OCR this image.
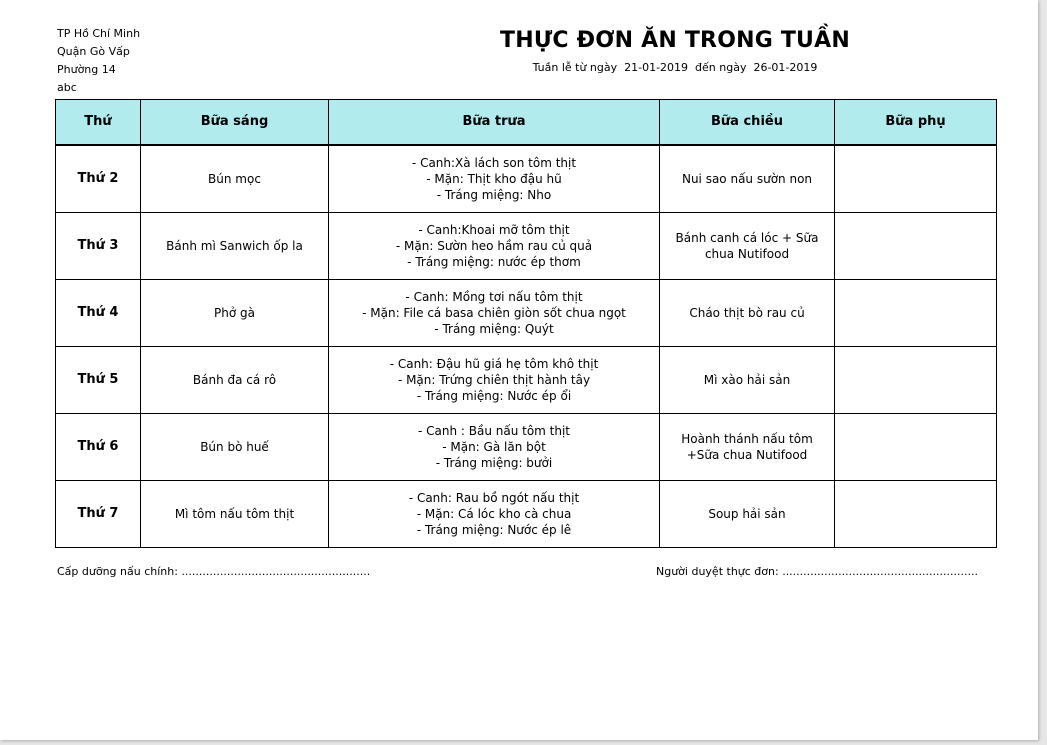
TP Hồ Chí Minh
Quận Gò Vấp
Phường 14
abc
THỰC ĐƠN ĂN TRONG TUẦN
Tuần lễ từ ngày  21-01-2019  đến ngày  26-01-2019
Thứ	Bữa sáng	Bữa trưa	Bữa chiều	Bữa phụ
Thứ 2	Bún mọc	- Canh:Xà lách son tôm thịt
- Mặn: Thịt kho đậu hũ
- Tráng miệng: Nho	Nui sao nấu sườn non	
Thứ 3	Bánh mì Sanwich ốp la	- Canh:Khoai mỡ tôm thịt
- Mặn: Sườn heo hầm rau củ quả
- Tráng miệng: nước ép thơm	Bánh canh cá lóc + Sữa chua Nutifood	
Thứ 4	Phở gà	- Canh: Mồng tơi nấu tôm thịt
- Mặn: File cá basa chiên giòn sốt chua ngọt
- Tráng miệng: Quýt	Cháo thịt bò rau củ	
Thứ 5	Bánh đa cá rô	- Canh: Đậu hũ giá hẹ tôm khô thịt
- Mặn: Trứng chiên thịt hành tây
- Tráng miệng: Nước ép ổi	Mì xào hải sản	
Thứ 6	Bún bò huế	- Canh : Bầu nấu tôm thịt
- Mặn: Gà lăn bột
- Tráng miệng: bưởi	Hoành thánh nấu tôm +Sữa chua Nutifood	
Thứ 7	Mì tôm nấu tôm thịt	- Canh: Rau bồ ngót nấu thịt
- Mặn: Cá lóc kho cà chua
- Tráng miệng: Nước ép lê	Soup hải sản	
Cấp dưỡng nấu chính: ......................................................	Người duyệt thực đơn: ........................................................
